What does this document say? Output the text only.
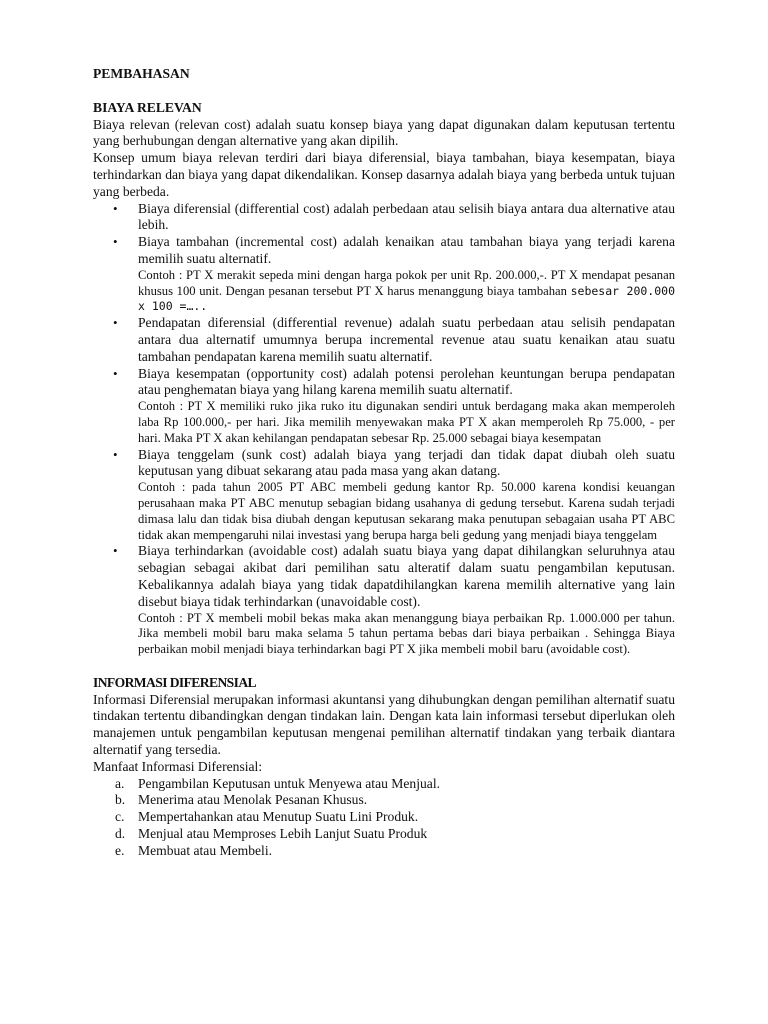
PEMBAHASAN
BIAYA RELEVAN

Biaya relevan (relevan cost) adalah suatu konsep biaya yang dapat digunakan dalam keputusan tertentu yang berhubungan dengan alternative yang akan dipilih.

Konsep umum biaya relevan terdiri dari biaya diferensial, biaya tambahan, biaya kesempatan, biaya terhindarkan dan biaya yang dapat dikendalikan. Konsep dasarnya adalah biaya yang berbeda untuk tujuan yang berbeda.

• Biaya diferensial (differential cost) adalah perbedaan atau selisih biaya antara dua alternative atau lebih.
• Biaya tambahan (incremental cost) adalah kenaikan atau tambahan biaya yang terjadi karena memilih suatu alternatif.
Contoh : PT X merakit sepeda mini dengan harga pokok per unit Rp. 200.000,-. PT X mendapat pesanan khusus 100 unit. Dengan pesanan tersebut PT X harus menanggung biaya tambahan sebesar 200.000 x 100 =…..
• Pendapatan diferensial (differential revenue) adalah suatu perbedaan atau selisih pendapatan antara dua alternatif umumnya berupa incremental revenue atau suatu kenaikan atau suatu tambahan pendapatan karena memilih suatu alternatif.
• Biaya kesempatan (opportunity cost) adalah potensi perolehan keuntungan berupa pendapatan atau penghematan biaya yang hilang karena memilih suatu alternatif.
Contoh : PT X memiliki ruko jika ruko itu digunakan sendiri untuk berdagang maka akan memperoleh laba Rp 100.000,- per hari. Jika memilih menyewakan maka PT X akan memperoleh Rp 75.000, - per hari. Maka PT X akan kehilangan pendapatan sebesar Rp. 25.000 sebagai biaya kesempatan
• Biaya tenggelam (sunk cost) adalah biaya yang terjadi dan tidak dapat diubah oleh suatu keputusan yang dibuat sekarang atau pada masa yang akan datang.
Contoh : pada tahun 2005 PT ABC membeli gedung kantor Rp. 50.000 karena kondisi keuangan perusahaan maka PT ABC menutup sebagian bidang usahanya di gedung tersebut. Karena sudah terjadi dimasa lalu dan tidak bisa diubah dengan keputusan sekarang maka penutupan sebagaian usaha PT ABC tidak akan mempengaruhi nilai investasi yang berupa harga beli gedung yang menjadi biaya tenggelam
• Biaya terhindarkan (avoidable cost) adalah suatu biaya yang dapat dihilangkan seluruhnya atau sebagian sebagai akibat dari pemilihan satu alteratif dalam suatu pengambilan keputusan. Kebalikannya adalah biaya yang tidak dapatdihilangkan karena memilih alternative yang lain disebut biaya tidak terhindarkan (unavoidable cost).
Contoh : PT X membeli mobil bekas maka akan menanggung biaya perbaikan Rp. 1.000.000 per tahun. Jika membeli mobil baru maka selama 5 tahun pertama bebas dari biaya perbaikan . Sehingga Biaya perbaikan mobil menjadi biaya terhindarkan bagi PT X jika membeli mobil baru (avoidable cost).
INFORMASI DIFERENSIAL

Informasi Diferensial merupakan informasi akuntansi yang dihubungkan dengan pemilihan alternatif suatu tindakan tertentu dibandingkan dengan tindakan lain. Dengan kata lain informasi tersebut diperlukan oleh manajemen untuk pengambilan keputusan mengenai pemilihan alternatif tindakan yang terbaik diantara alternatif yang tersedia.

Manfaat Informasi Diferensial:

a. Pengambilan Keputusan untuk Menyewa atau Menjual.
b. Menerima atau Menolak Pesanan Khusus.
c. Mempertahankan atau Menutup Suatu Lini Produk.
d. Menjual atau Memproses Lebih Lanjut Suatu Produk
e. Membuat atau Membeli.
